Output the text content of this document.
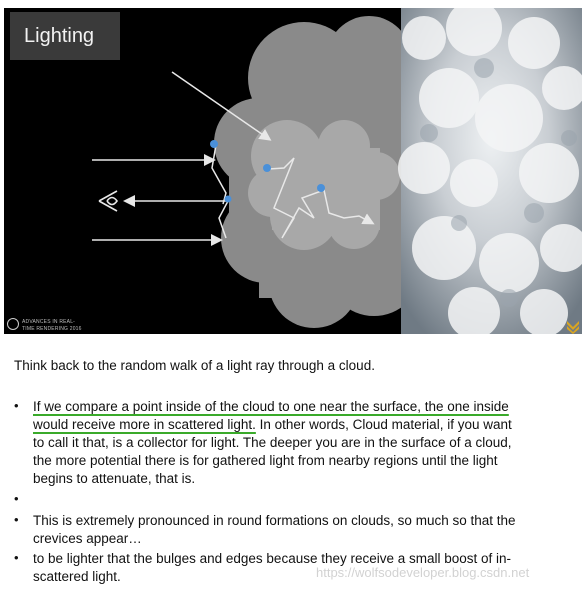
Lighting
ADVANCES IN REAL-
TIME RENDERING 2016
Think back to the random walk of a light ray through a cloud.
• If we compare a point inside of the cloud to one near the surface, the one inside
would receive more in scattered light. In other words, Cloud material, if you want
to call it that, is a collector for light. The deeper you are in the surface of a cloud,
the more potential there is for gathered light from nearby regions until the light
begins to attenuate, that is.
•
• This is extremely pronounced in round formations on clouds, so much so that the
crevices appear…
• to be lighter that the bulges and edges because they receive a small boost of in-
scattered light.	https://wolfsodeveloper.blog.csdn.net
